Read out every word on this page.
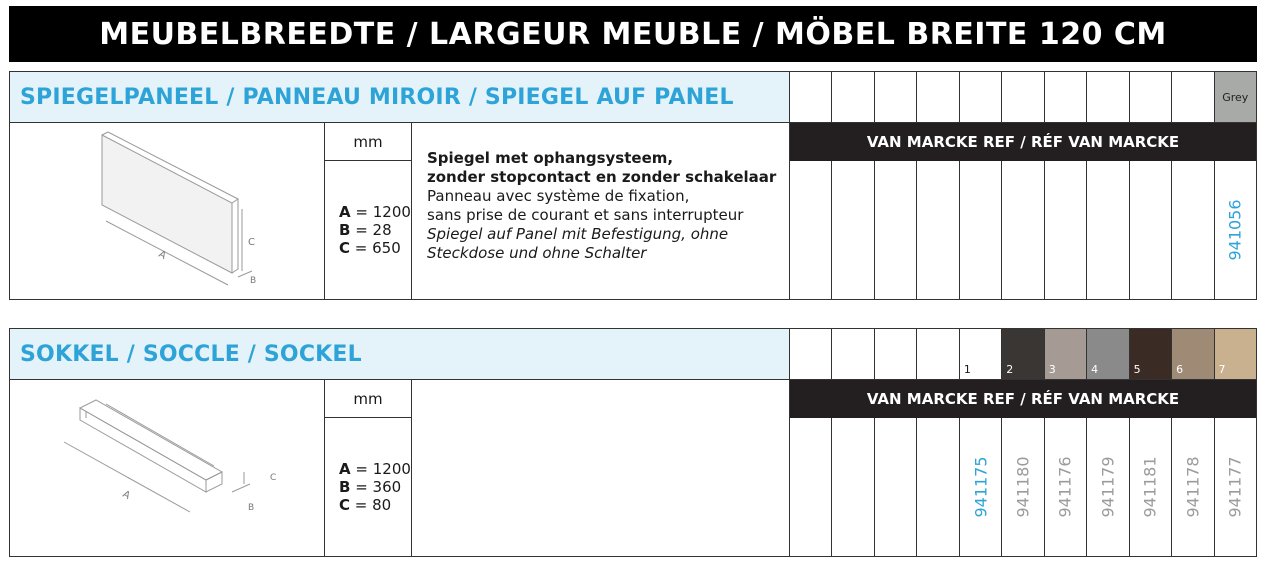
MEUBELBREEDTE / LARGEUR MEUBLE / MÖBEL BREITE 120 CM
SPIEGELPANEEL / PANNEAU MIROIR / SPIEGEL AUF PANEL	Grey
A
C
B
mm
A = 1200
B = 28
C = 650
Spiegel met ophangsysteem,
zonder stopcontact en zonder schakelaar
Panneau avec système de fixation,
sans prise de courant et sans interrupteur
Spiegel auf Panel mit Befestigung, ohne
Steckdose und ohne Schalter
VAN MARCKE REF / RÉF VAN MARCKE
941056
SOKKEL / SOCCLE / SOCKEL
1	2	3	4	5	6	7
A
B
C
mm
A = 1200
B = 360
C = 80
VAN MARCKE REF / RÉF VAN MARCKE
941175 941180 941176 941179 941181 941178 941177
